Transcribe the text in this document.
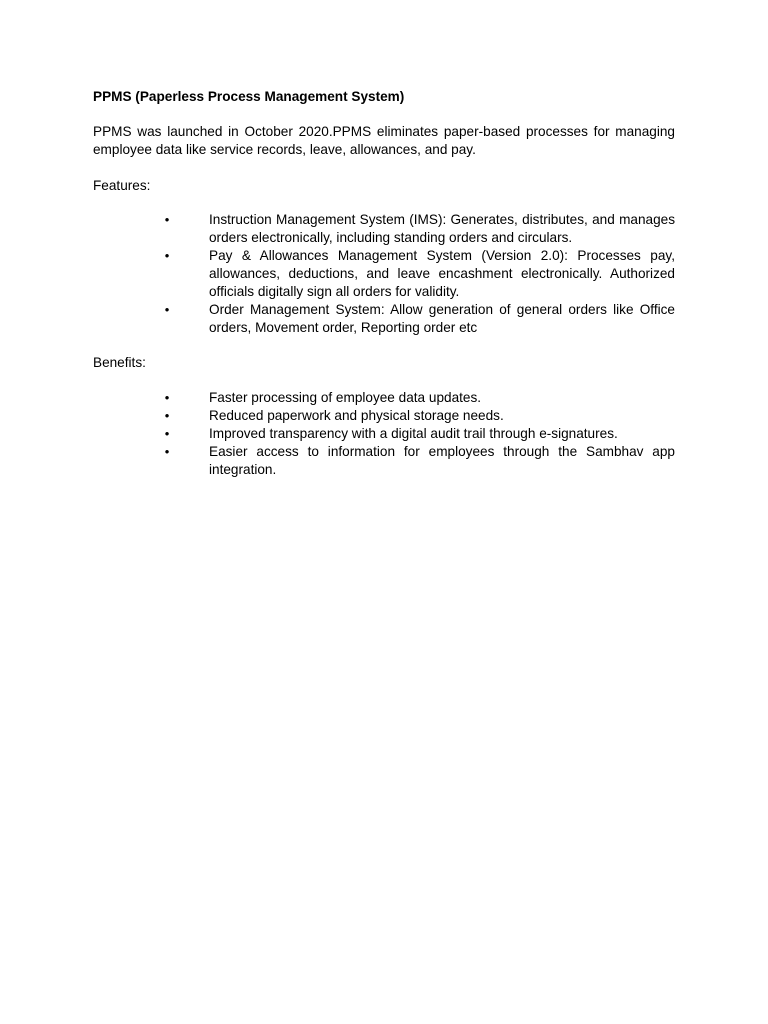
PPMS (Paperless Process Management System)

PPMS was launched in October 2020.PPMS eliminates paper-based processes for managing employee data like service records, leave, allowances, and pay.

Features:

•	Instruction Management System (IMS): Generates, distributes, and manages orders electronically, including standing orders and circulars.
•	Pay & Allowances Management System (Version 2.0): Processes pay, allowances, deductions, and leave encashment electronically. Authorized officials digitally sign all orders for validity.
•	Order Management System: Allow generation of general orders like Office orders, Movement order, Reporting order etc

Benefits:

•	Faster processing of employee data updates.
•	Reduced paperwork and physical storage needs.
•	Improved transparency with a digital audit trail through e-signatures.
•	Easier access to information for employees through the Sambhav app integration.
